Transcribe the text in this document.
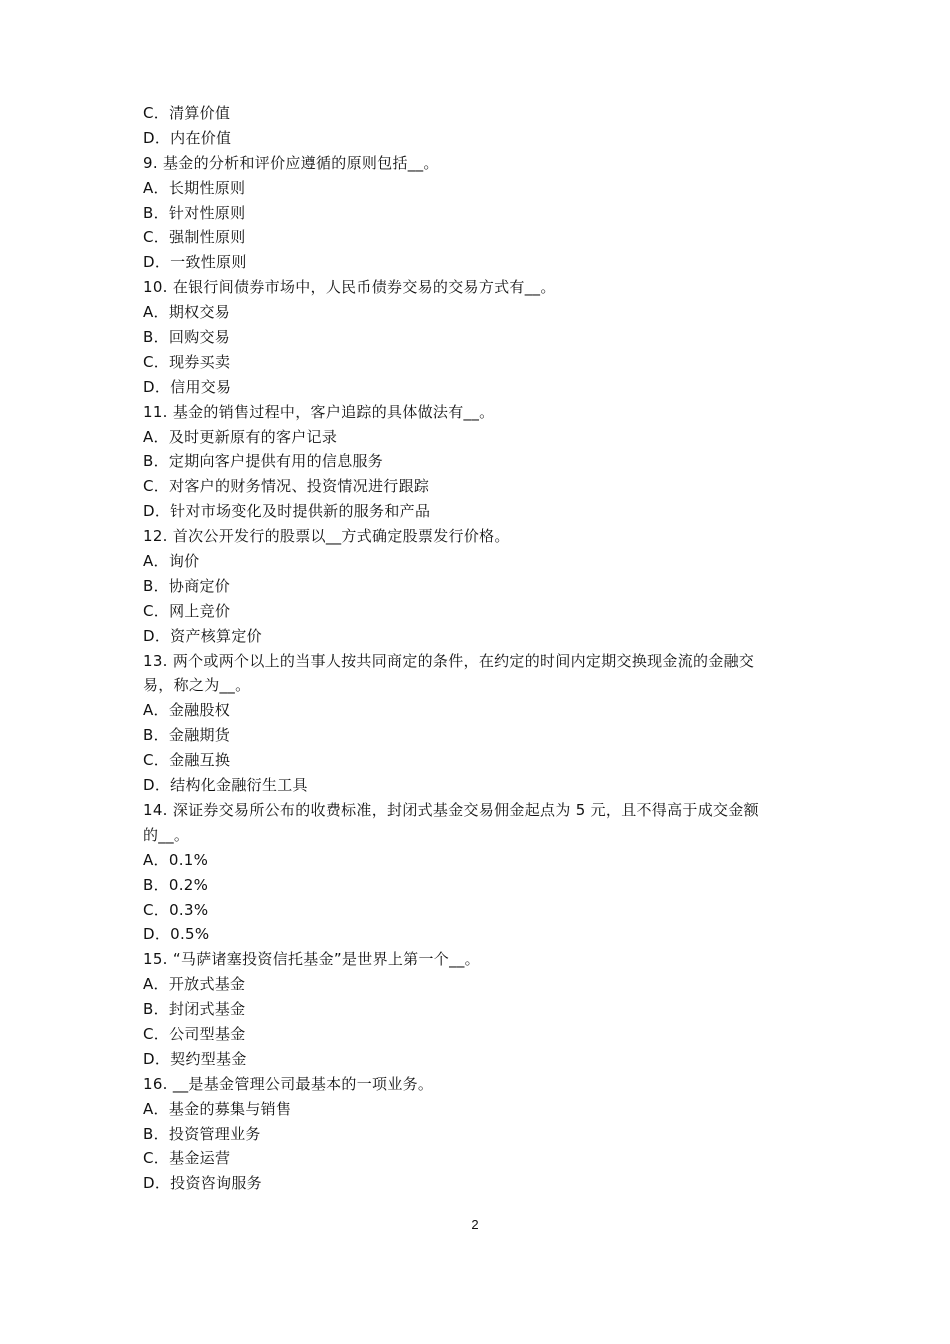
C．清算价值
D．内在价值
9. 基金的分析和评价应遵循的原则包括__。
A．长期性原则
B．针对性原则
C．强制性原则
D．一致性原则
10. 在银行间债券市场中，人民币债券交易的交易方式有__。
A．期权交易
B．回购交易
C．现券买卖
D．信用交易
11. 基金的销售过程中，客户追踪的具体做法有__。
A．及时更新原有的客户记录
B．定期向客户提供有用的信息服务
C．对客户的财务情况、投资情况进行跟踪
D．针对市场变化及时提供新的服务和产品
12. 首次公开发行的股票以__方式确定股票发行价格。
A．询价
B．协商定价
C．网上竞价
D．资产核算定价
13. 两个或两个以上的当事人按共同商定的条件，在约定的时间内定期交换现金流的金融交
易，称之为__。
A．金融股权
B．金融期货
C．金融互换
D．结构化金融衍生工具
14. 深证券交易所公布的收费标准，封闭式基金交易佣金起点为 5 元，且不得高于成交金额
的__。
A．0.1%
B．0.2%
C．0.3%
D．0.5%
15. “马萨诸塞投资信托基金”是世界上第一个__。
A．开放式基金
B．封闭式基金
C．公司型基金
D．契约型基金
16. __是基金管理公司最基本的一项业务。
A．基金的募集与销售
B．投资管理业务
C．基金运营
D．投资咨询服务
2
